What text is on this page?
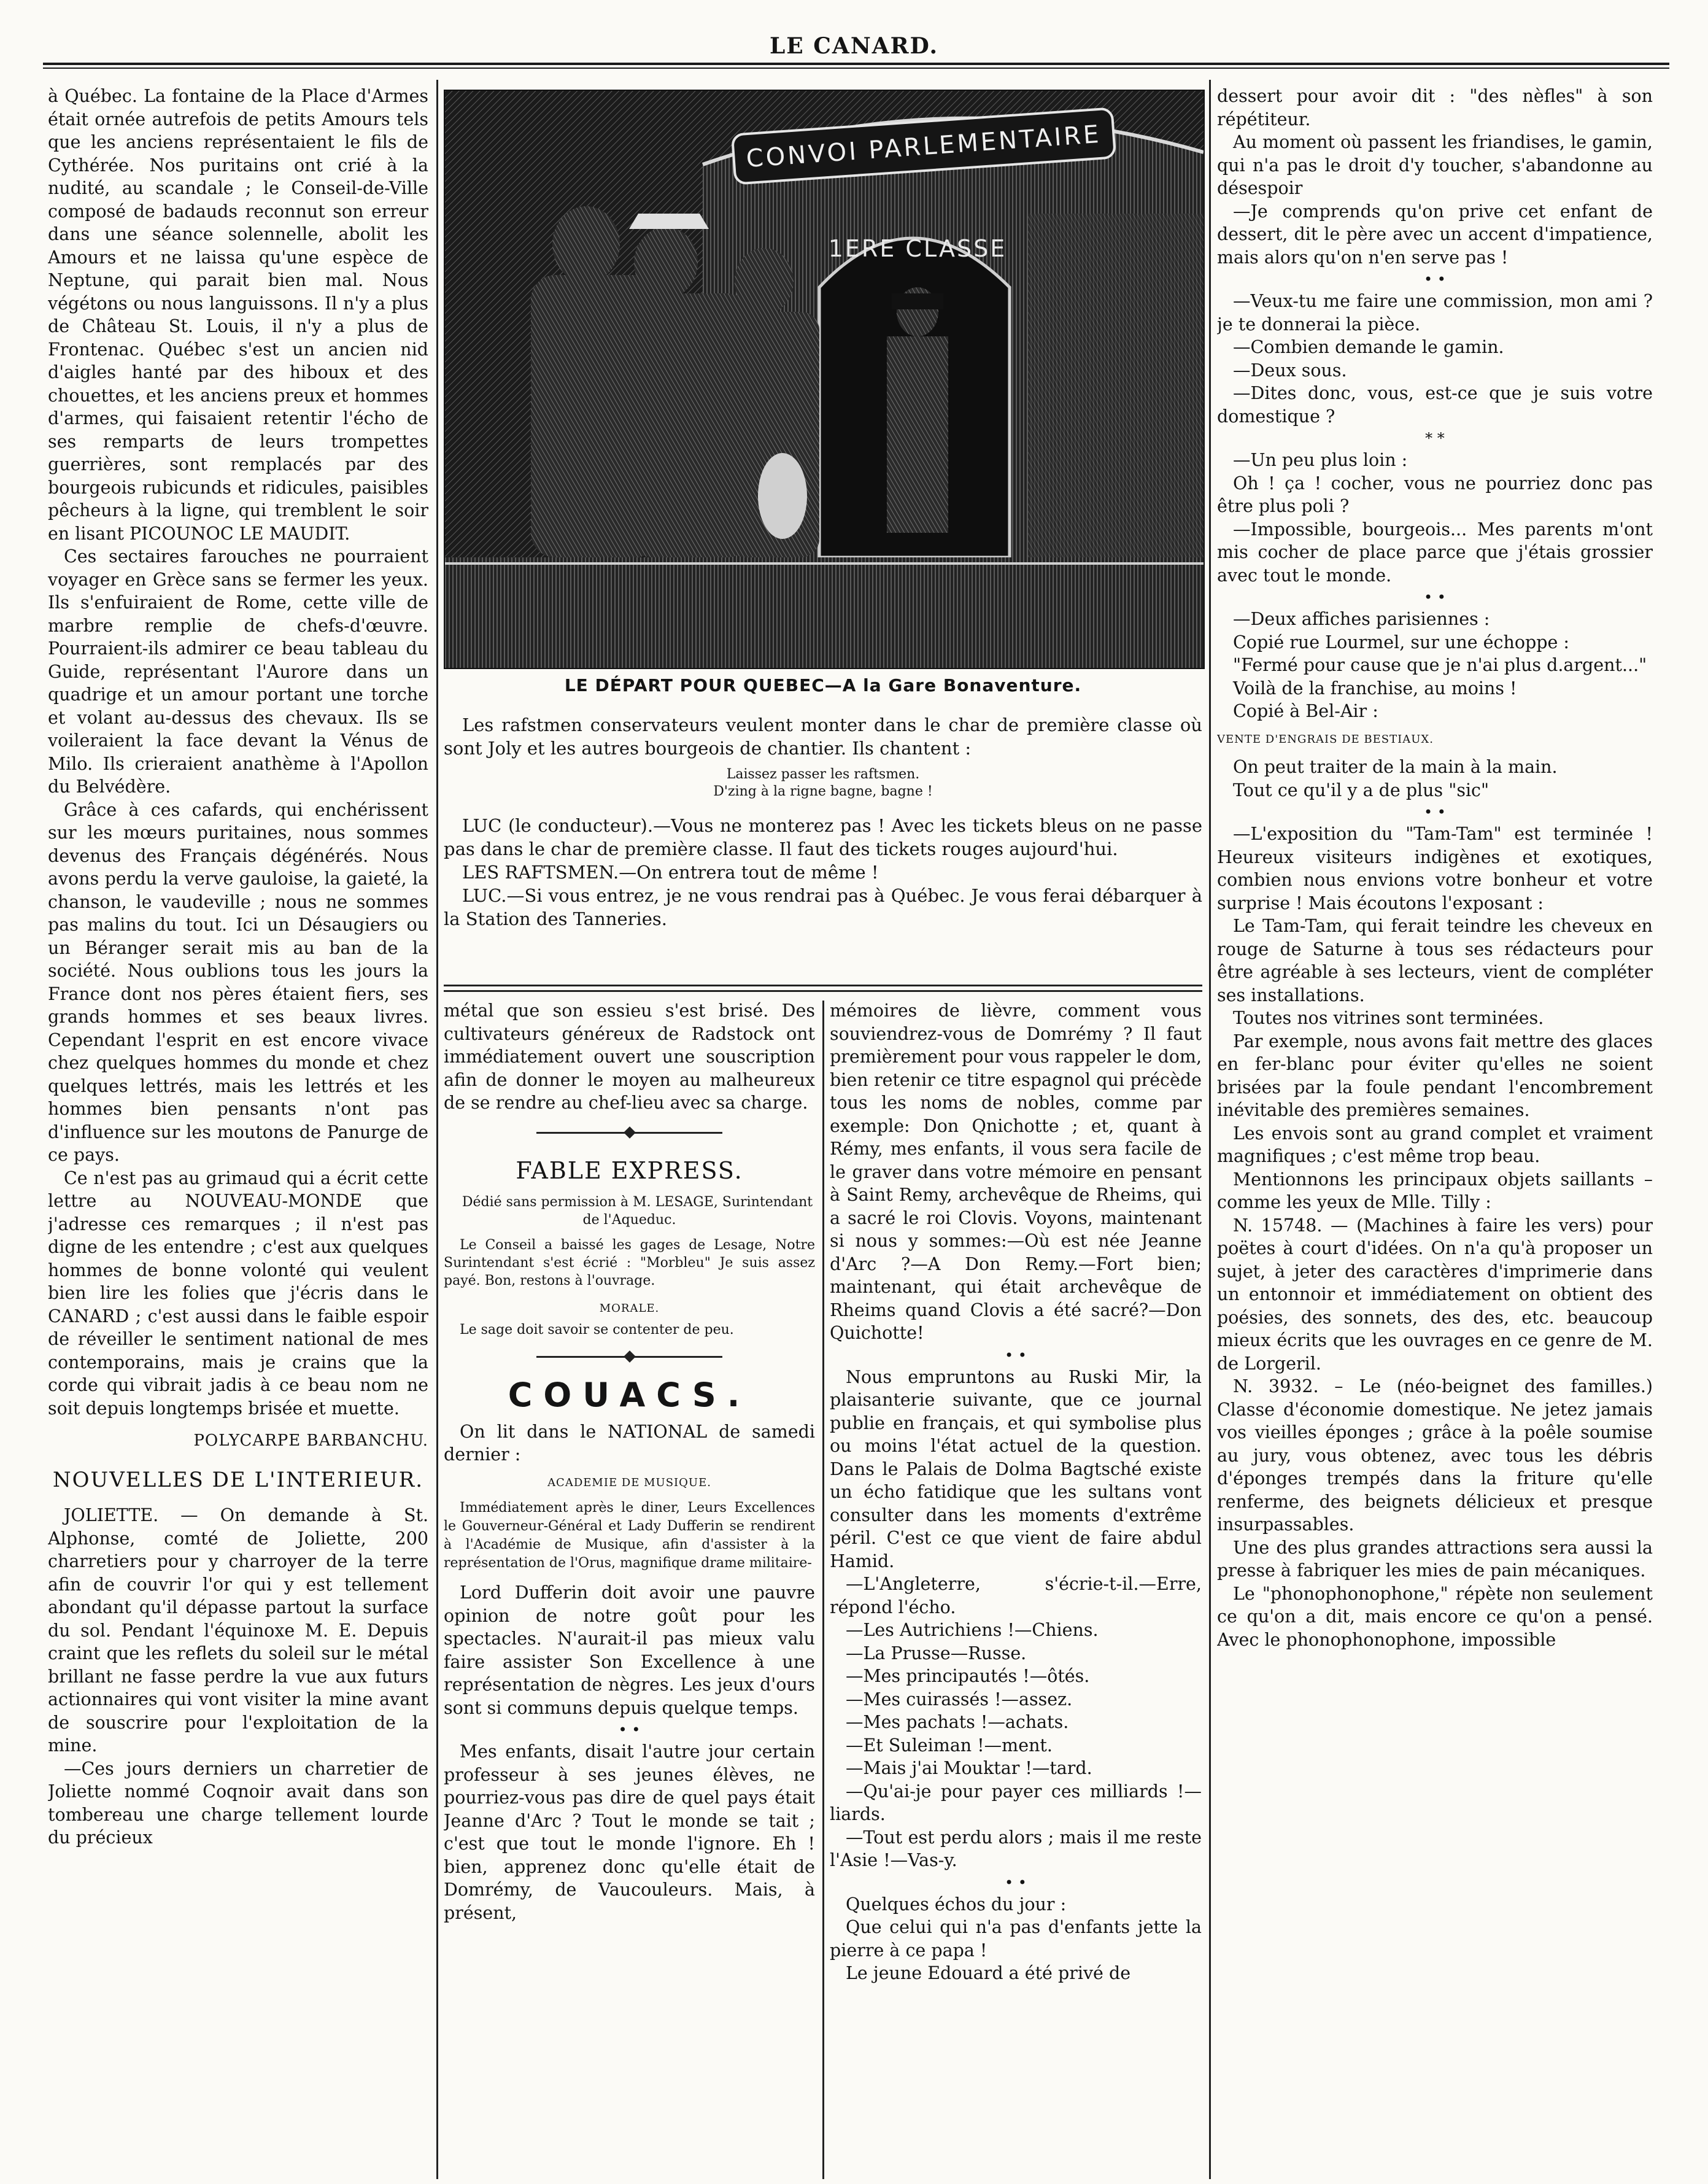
LE CANARD.

à Québec. La fontaine de la Place d'Armes était ornée autrefois de petits Amours tels que les anciens représentaient le fils de Cythérée. Nos puritains ont crié à la nudité, au scandale ; le Conseil-de-Ville composé de badauds reconnut son erreur dans une séance solennelle, abolit les Amours et ne laissa qu'une espèce de Neptune, qui parait bien mal. Nous végétons ou nous languissons. Il n'y a plus de Château St. Louis, il n'y a plus de Frontenac. Québec s'est un ancien nid d'aigles hanté par des hiboux et des chouettes, et les anciens preux et hommes d'armes, qui faisaient retentir l'écho de ses remparts de leurs trompettes guerrières, sont remplacés par des bourgeois rubicunds et ridicules, paisibles pêcheurs à la ligne, qui tremblent le soir en lisant PICOUNOC LE MAUDIT.

Ces sectaires farouches ne pourraient voyager en Grèce sans se fermer les yeux. Ils s'enfuiraient de Rome, cette ville de marbre remplie de chefs-d'œuvre. Pourraient-ils admirer ce beau tableau du Guide, représentant l'Aurore dans un quadrige et un amour portant une torche et volant au-dessus des chevaux. Ils se voileraient la face devant la Vénus de Milo. Ils crieraient anathème à l'Apollon du Belvédère.

Grâce à ces cafards, qui enchérissent sur les mœurs puritaines, nous sommes devenus des Français dégénérés. Nous avons perdu la verve gauloise, la gaieté, la chanson, le vaudeville ; nous ne sommes pas malins du tout. Ici un Désaugiers ou un Béranger serait mis au ban de la société. Nous oublions tous les jours la France dont nos pères étaient fiers, ses grands hommes et ses beaux livres. Cependant l'esprit en est encore vivace chez quelques hommes du monde et chez quelques lettrés, mais les lettrés et les hommes bien pensants n'ont pas d'influence sur les moutons de Panurge de ce pays.

Ce n'est pas au grimaud qui a écrit cette lettre au NOUVEAU-MONDE que j'adresse ces remarques ; il n'est pas digne de les entendre ; c'est aux quelques hommes de bonne volonté qui veulent bien lire les folies que j'écris dans le CANARD ; c'est aussi dans le faible espoir de réveiller le sentiment national de mes contemporains, mais je crains que la corde qui vibrait jadis à ce beau nom ne soit depuis longtemps brisée et muette.

POLYCARPE BARBANCHU.
NOUVELLES DE L'INTERIEUR.

JOLIETTE. — On demande à St. Alphonse, comté de Joliette, 200 charretiers pour y charroyer de la terre afin de couvrir l'or qui y est tellement abondant qu'il dépasse partout la surface du sol. Pendant l'équinoxe M. E. Depuis craint que les reflets du soleil sur le métal brillant ne fasse perdre la vue aux futurs actionnaires qui vont visiter la mine avant de souscrire pour l'exploitation de la mine.

—Ces jours derniers un charretier de Joliette nommé Coqnoir avait dans son tombereau une charge tellement lourde du précieux

CONVOI PARLEMENTAIRE
1ERE CLASSE
LE DÉPART POUR QUEBEC—A la Gare Bonaventure.

Les rafstmen conservateurs veulent monter dans le char de première classe où sont Joly et les autres bourgeois de chantier. Ils chantent :

Laissez passer les raftsmen.
D'zing à la rigne bagne, bagne !

LUC (le conducteur).—Vous ne monterez pas ! Avec les tickets bleus on ne passe pas dans le char de première classe. Il faut des tickets rouges aujourd'hui.

LES RAFTSMEN.—On entrera tout de même !

LUC.—Si vous entrez, je ne vous rendrai pas à Québec. Je vous ferai débarquer à la Station des Tanneries.

métal que son essieu s'est brisé. Des cultivateurs généreux de Radstock ont immédiatement ouvert une souscription afin de donner le moyen au malheureux de se rendre au chef-lieu avec sa charge.

FABLE EXPRESS.

Dédié sans permission à M. LESAGE, Surintendant de l'Aqueduc.

Le Conseil a baissé les gages de Lesage, Notre Surintendant s'est écrié : "Morbleu" Je suis assez payé. Bon, restons à l'ouvrage.

MORALE.

Le sage doit savoir se contenter de peu.

COUACS.

On lit dans le NATIONAL de samedi dernier :

ACADEMIE DE MUSIQUE.

Immédiatement après le diner, Leurs Excellences le Gouverneur-Général et Lady Dufferin se rendirent à l'Académie de Musique, afin d'assister à la représentation de l'Orus, magnifique drame militaire-

Lord Dufferin doit avoir une pauvre opinion de notre goût pour les spectacles. N'aurait-il pas mieux valu faire assister Son Excellence à une représentation de nègres. Les jeux d'ours sont si communs depuis quelque temps.

• •

Mes enfants, disait l'autre jour certain professeur à ses jeunes élèves, ne pourriez-vous pas dire de quel pays était Jeanne d'Arc ? Tout le monde se tait ; c'est que tout le monde l'ignore. Eh ! bien, apprenez donc qu'elle était de Domrémy, de Vaucouleurs. Mais, à présent,

mémoires de lièvre, comment vous souviendrez-vous de Domrémy ? Il faut premièrement pour vous rappeler le dom, bien retenir ce titre espagnol qui précède tous les noms de nobles, comme par exemple: Don Qnichotte ; et, quant à Rémy, mes enfants, il vous sera facile de le graver dans votre mémoire en pensant à Saint Remy, archevêque de Rheims, qui a sacré le roi Clovis. Voyons, maintenant si nous y sommes:—Où est née Jeanne d'Arc ?—A Don Remy.—Fort bien; maintenant, qui était archevêque de Rheims quand Clovis a été sacré?—Don Quichotte!

• •

Nous empruntons au Ruski Mir, la plaisanterie suivante, que ce journal publie en français, et qui symbolise plus ou moins l'état actuel de la question. Dans le Palais de Dolma Bagtsché existe un écho fatidique que les sultans vont consulter dans les moments d'extrême péril. C'est ce que vient de faire abdul Hamid.

—L'Angleterre, s'écrie-t-il.—Erre, répond l'écho.

—Les Autrichiens !—Chiens.

—La Prusse—Russe.

—Mes principautés !—ôtés.

—Mes cuirassés !—assez.

—Mes pachats !—achats.

—Et Suleiman !—ment.

—Mais j'ai Mouktar !—tard.

—Qu'ai-je pour payer ces milliards !—liards.

—Tout est perdu alors ; mais il me reste l'Asie !—Vas-y.

• •

Quelques échos du jour :

Que celui qui n'a pas d'enfants jette la pierre à ce papa !

Le jeune Edouard a été privé de

dessert pour avoir dit : "des nèfles" à son répétiteur.

Au moment où passent les friandises, le gamin, qui n'a pas le droit d'y toucher, s'abandonne au désespoir

—Je comprends qu'on prive cet enfant de dessert, dit le père avec un accent d'impatience, mais alors qu'on n'en serve pas !

• •

—Veux-tu me faire une commission, mon ami ? je te donnerai la pièce.

—Combien demande le gamin.

—Deux sous.

—Dites donc, vous, est-ce que je suis votre domestique ?

* *

—Un peu plus loin :

Oh ! ça ! cocher, vous ne pourriez donc pas être plus poli ?

—Impossible, bourgeois... Mes parents m'ont mis cocher de place parce que j'étais grossier avec tout le monde.

• •

—Deux affiches parisiennes :

Copié rue Lourmel, sur une échoppe :

"Fermé pour cause que je n'ai plus d.argent..."

Voilà de la franchise, au moins !

Copié à Bel-Air :

VENTE D'ENGRAIS DE BESTIAUX.

On peut traiter de la main à la main.

Tout ce qu'il y a de plus "sic"

• •

—L'exposition du "Tam-Tam" est terminée ! Heureux visiteurs indigènes et exotiques, combien nous envions votre bonheur et votre surprise ! Mais écoutons l'exposant :

Le Tam-Tam, qui ferait teindre les cheveux en rouge de Saturne à tous ses rédacteurs pour être agréable à ses lecteurs, vient de compléter ses installations.

Toutes nos vitrines sont terminées.

Par exemple, nous avons fait mettre des glaces en fer-blanc pour éviter qu'elles ne soient brisées par la foule pendant l'encombrement inévitable des premières semaines.

Les envois sont au grand complet et vraiment magnifiques ; c'est même trop beau.

Mentionnons les principaux objets saillants – comme les yeux de Mlle. Tilly :

N. 15748. — (Machines à faire les vers) pour poëtes à court d'idées. On n'a qu'à proposer un sujet, à jeter des caractères d'imprimerie dans un entonnoir et immédiatement on obtient des poésies, des sonnets, des des, etc. beaucoup mieux écrits que les ouvrages en ce genre de M. de Lorgeril.

N. 3932. – Le (néo-beignet des familles.) Classe d'économie domestique. Ne jetez jamais vos vieilles éponges ; grâce à la poêle soumise au jury, vous obtenez, avec tous les débris d'éponges trempés dans la friture qu'elle renferme, des beignets délicieux et presque insurpassables.

Une des plus grandes attractions sera aussi la presse à fabriquer les mies de pain mécaniques.

Le "phonophonophone," répète non seulement ce qu'on a dit, mais encore ce qu'on a pensé. Avec le phonophonophone, impossible
